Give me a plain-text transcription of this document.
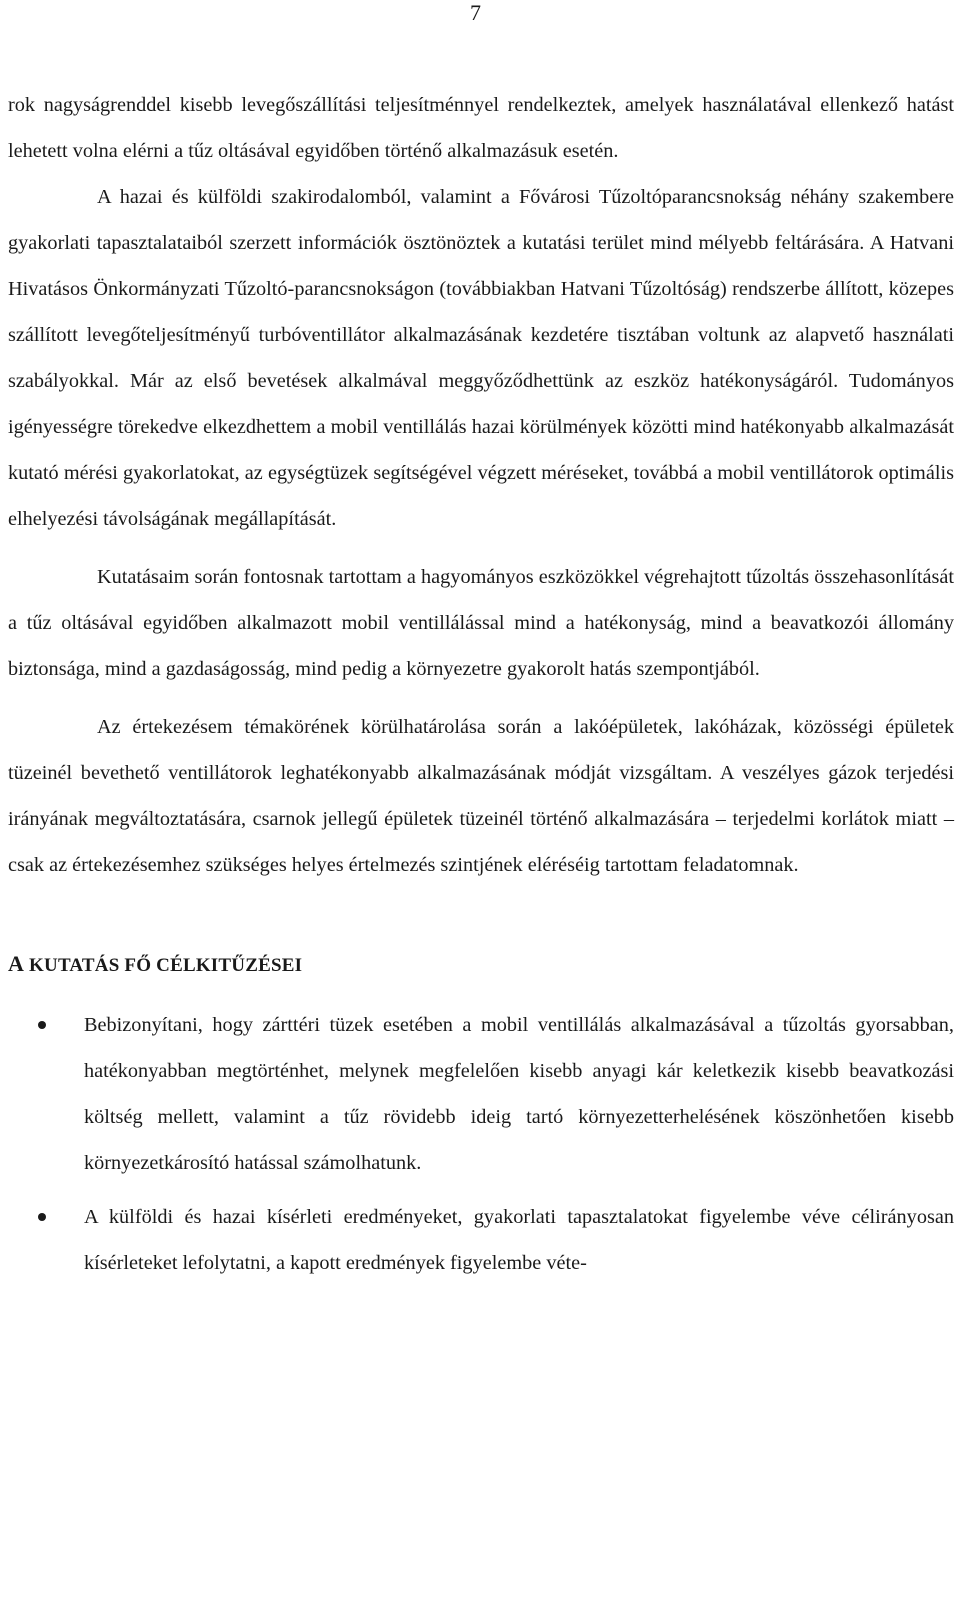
7

rok nagyságrenddel kisebb levegőszállítási teljesítménnyel rendelkeztek, amelyek használatával ellenkező hatást lehetett volna elérni a tűz oltásával egyidőben történő alkalmazásuk esetén.

A hazai és külföldi szakirodalomból, valamint a Fővárosi Tűzoltóparancsnokság néhány szakembere gyakorlati tapasztalataiból szerzett információk ösztönöztek a kutatási terület mind mélyebb feltárására. A Hatvani Hivatásos Önkormányzati Tűzoltó-parancsnokságon (továbbiakban Hatvani Tűzoltóság) rendszerbe állított, közepes szállított levegőteljesítményű turbóventillátor alkalmazásának kezdetére tisztában voltunk az alapvető használati szabályokkal. Már az első bevetések alkalmával meggyőződhettünk az eszköz hatékonyságáról. Tudományos igényességre törekedve elkezdhettem a mobil ventillálás hazai körülmények közötti mind hatékonyabb alkalmazását kutató mérési gyakorlatokat, az egységtüzek segítségével végzett méréseket, továbbá a mobil ventillátorok optimális elhelyezési távolságának megállapítását.

Kutatásaim során fontosnak tartottam a hagyományos eszközökkel végrehajtott tűzoltás összehasonlítását a tűz oltásával egyidőben alkalmazott mobil ventillálással mind a hatékonyság, mind a beavatkozói állomány biztonsága, mind a gazdaságosság, mind pedig a környezetre gyakorolt hatás szempontjából.

Az értekezésem témakörének körülhatárolása során a lakóépületek, lakóházak, közösségi épületek tüzeinél bevethető ventillátorok leghatékonyabb alkalmazásának módját vizsgáltam. A veszélyes gázok terjedési irányának megváltoztatására, csarnok jellegű épületek tüzeinél történő alkalmazására – terjedelmi korlátok miatt – csak az értekezésemhez szükséges helyes értelmezés szintjének eléréséig tartottam feladatomnak.

A KUTATÁS FŐ CÉLKITŰZÉSEI
Bebizonyítani, hogy zárttéri tüzek esetében a mobil ventillálás alkalmazásával a tűzoltás gyorsabban, hatékonyabban megtörténhet, melynek megfelelően kisebb anyagi kár keletkezik kisebb beavatkozási költség mellett, valamint a tűz rövidebb ideig tartó környezetterhelésének köszönhetően kisebb környezetkárosító hatással számolhatunk.
A külföldi és hazai kísérleti eredményeket, gyakorlati tapasztalatokat figyelembe véve célirányosan kísérleteket lefolytatni, a kapott eredmények figyelembe véte-
